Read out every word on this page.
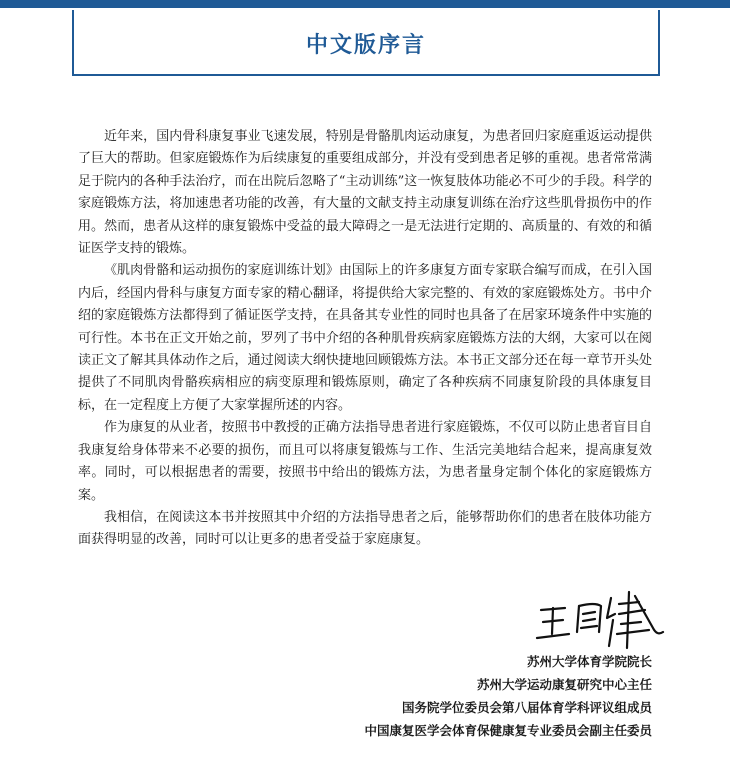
中文版序言

近年来，国内骨科康复事业飞速发展，特别是骨骼肌肉运动康复，为患者回归家庭重返运动提供了巨大的帮助。但家庭锻炼作为后续康复的重要组成部分，并没有受到患者足够的重视。患者常常满足于院内的各种手法治疗，而在出院后忽略了“主动训练”这一恢复肢体功能必不可少的手段。科学的家庭锻炼方法，将加速患者功能的改善，有大量的文献支持主动康复训练在治疗这些肌骨损伤中的作用。然而，患者从这样的康复锻炼中受益的最大障碍之一是无法进行定期的、高质量的、有效的和循证医学支持的锻炼。

《肌肉骨骼和运动损伤的家庭训练计划》由国际上的许多康复方面专家联合编写而成，在引入国内后，经国内骨科与康复方面专家的精心翻译，将提供给大家完整的、有效的家庭锻炼处方。书中介绍的家庭锻炼方法都得到了循证医学支持，在具备其专业性的同时也具备了在居家环境条件中实施的可行性。本书在正文开始之前，罗列了书中介绍的各种肌骨疾病家庭锻炼方法的大纲，大家可以在阅读正文了解其具体动作之后，通过阅读大纲快捷地回顾锻炼方法。本书正文部分还在每一章节开头处提供了不同肌肉骨骼疾病相应的病变原理和锻炼原则，确定了各种疾病不同康复阶段的具体康复目标，在一定程度上方便了大家掌握所述的内容。

作为康复的从业者，按照书中教授的正确方法指导患者进行家庭锻炼，不仅可以防止患者盲目自我康复给身体带来不必要的损伤，而且可以将康复锻炼与工作、生活完美地结合起来，提高康复效率。同时，可以根据患者的需要，按照书中给出的锻炼方法，为患者量身定制个体化的家庭锻炼方案。

我相信，在阅读这本书并按照其中介绍的方法指导患者之后，能够帮助你们的患者在肢体功能方面获得明显的改善，同时可以让更多的患者受益于家庭康复。

苏州大学体育学院院长
苏州大学运动康复研究中心主任
国务院学位委员会第八届体育学科评议组成员
中国康复医学会体育保健康复专业委员会副主任委员
